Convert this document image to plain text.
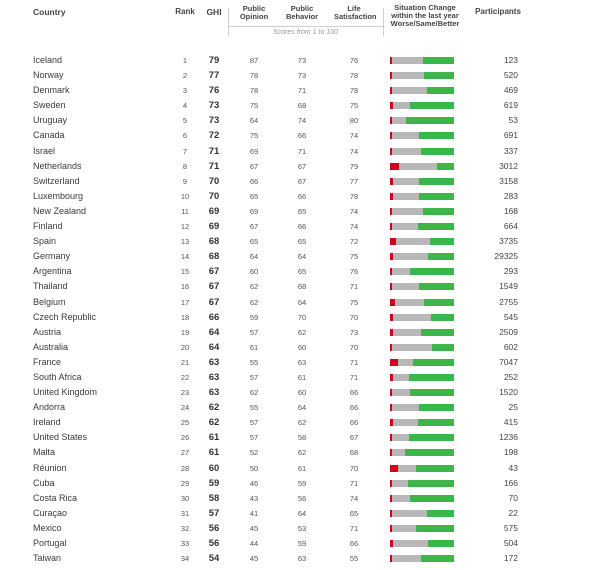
Country	Rank	GHI	Public Opinion
Public Behavior
Life Satisfaction
Situation Change within the last year Worse/Same/Better
Participants
Scores from 1 to 100
Iceland	1	79	87	73	76	123
Norway	2	77	78	73	78	520
Denmark	3	76	78	71	78	469
Sweden	4	73	75	68	75	619
Uruguay	5	73	64	74	80	53
Canada	6	72	75	66	74	691
Israel	7	71	69	71	74	337
Netherlands	8	71	67	67	79	3012
Switzerland	9	70	66	67	77	3158
Luxembourg	10	70	65	66	78	283
New Zealand	11	69	69	65	74	168
Finland	12	69	67	66	74	664
Spain	13	68	65	65	72	3735
Germany	14	68	64	64	75	29325
Argentina	15	67	60	65	76	293
Thailand	16	67	62	68	71	1549
Belgium	17	67	62	64	75	2755
Czech Republic	18	66	59	70	70	545
Austria	19	64	57	62	73	2509
Australia	20	64	61	60	70	602
France	21	63	55	63	71	7047
South Africa	22	63	57	61	71	252
United Kingdom	23	63	62	60	66	1520
Andorra	24	62	55	64	66	25
Ireland	25	62	57	62	66	415
United States	26	61	57	58	67	1236
Malta	27	61	52	62	68	198
Réunion	28	60	50	61	70	43
Cuba	29	59	46	59	71	166
Costa Rica	30	58	43	56	74	70
Curaçao	31	57	41	64	65	22
Mexico	32	56	45	53	71	575
Portugal	33	56	44	59	66	504
Taiwan	34	54	45	63	55	172
